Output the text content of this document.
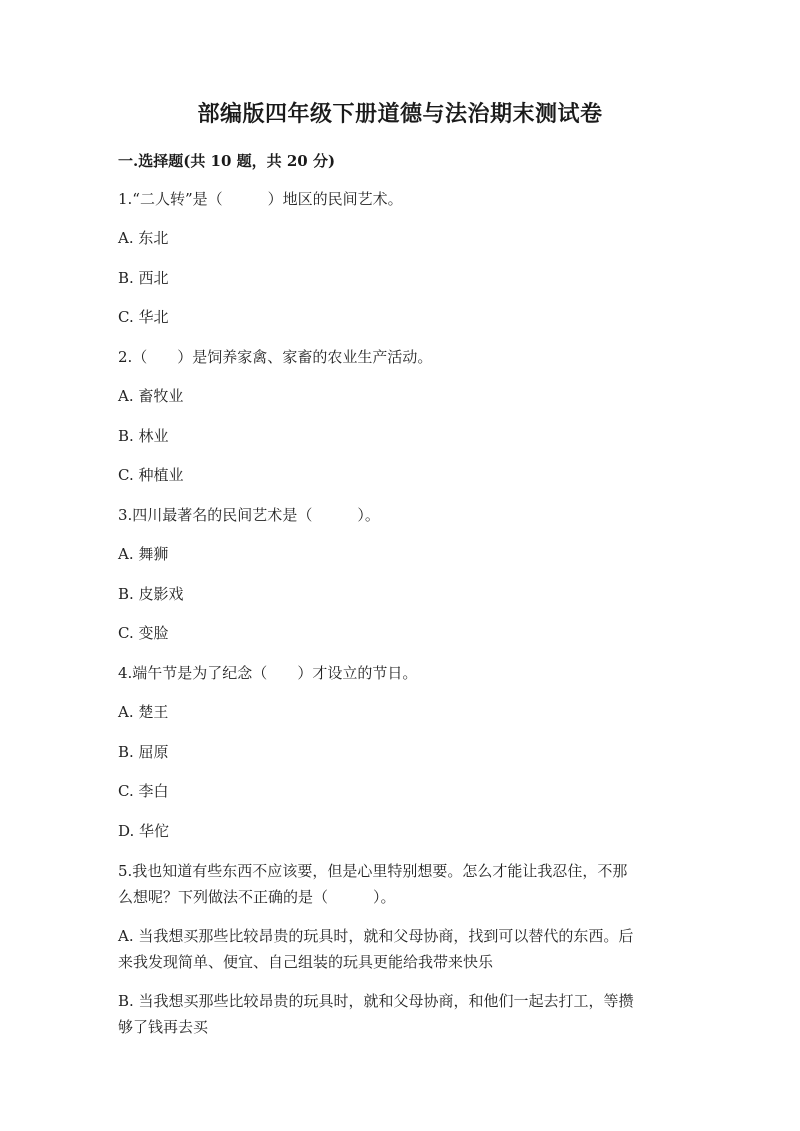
部编版四年级下册道德与法治期末测试卷
一.选择题(共 10 题，共 20 分)
1.“二人转”是（　　　）地区的民间艺术。
A. 东北
B. 西北
C. 华北
2.（　　）是饲养家禽、家畜的农业生产活动。
A. 畜牧业
B. 林业
C. 种植业
3.四川最著名的民间艺术是（　　　）。
A. 舞狮
B. 皮影戏
C. 变脸
4.端午节是为了纪念（　　）才设立的节日。
A. 楚王
B. 屈原
C. 李白
D. 华佗
5.我也知道有些东西不应该要，但是心里特别想要。怎么才能让我忍住，不那
么想呢？下列做法不正确的是（　　　）。
A. 当我想买那些比较昂贵的玩具时，就和父母协商，找到可以替代的东西。后
来我发现简单、便宜、自己组装的玩具更能给我带来快乐
B. 当我想买那些比较昂贵的玩具时，就和父母协商，和他们一起去打工，等攒
够了钱再去买
